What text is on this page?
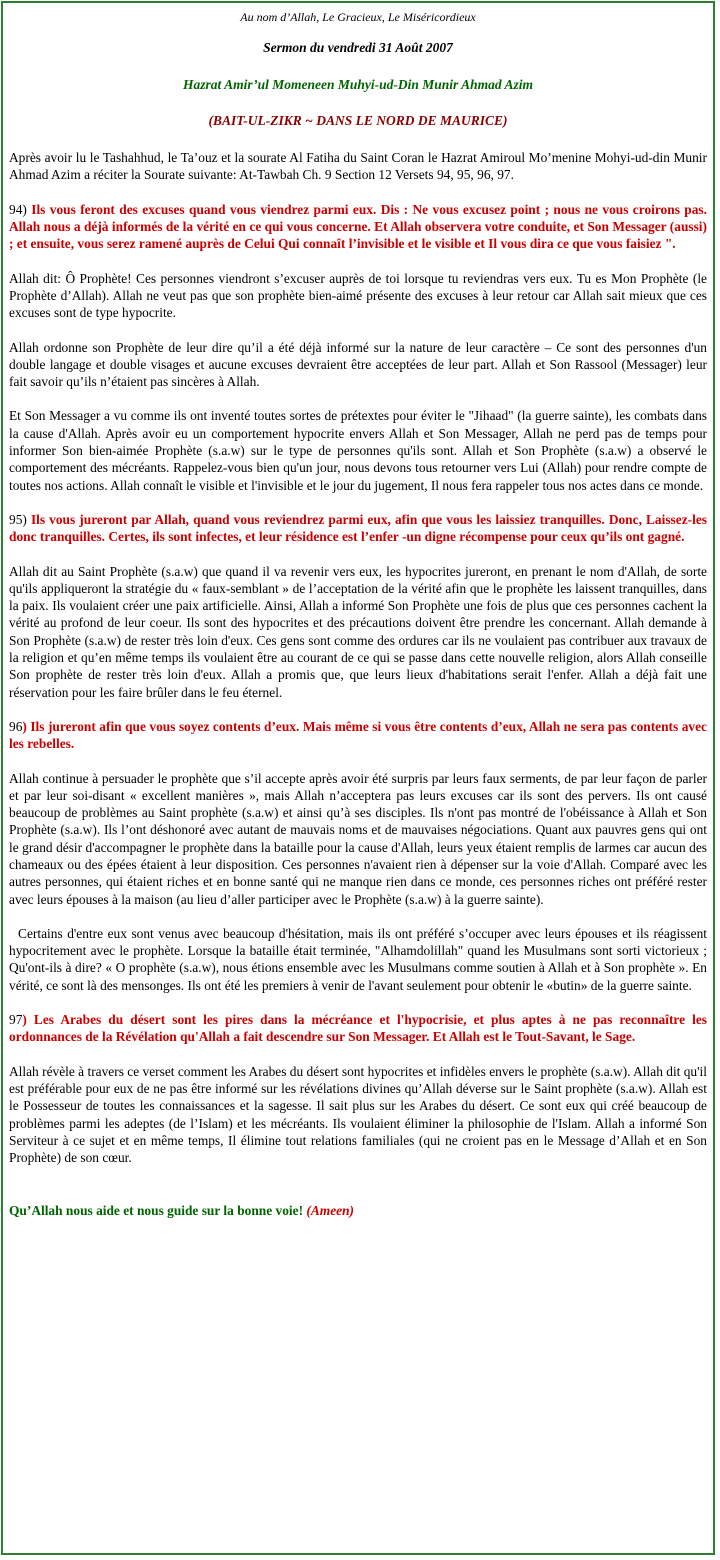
Au nom d’Allah, Le Gracieux, Le Miséricordieux

Sermon du vendredi 31 Août 2007

Hazrat Amir’ul Momeneen Muhyi-ud-Din Munir Ahmad Azim

(BAIT-UL-ZIKR ~ DANS LE NORD DE MAURICE)

Après avoir lu le Tashahhud, le Ta’ouz et la sourate Al Fatiha du Saint Coran le Hazrat Amiroul Mo’menine Mohyi-ud-din Munir Ahmad Azim a réciter la Sourate suivante: At-Tawbah Ch. 9 Section 12 Versets 94, 95, 96, 97.

94) Ils vous feront des excuses quand vous viendrez parmi eux. Dis : Ne vous excusez point ; nous ne vous croirons pas. Allah nous a déjà informés de la vérité en ce qui vous concerne. Et Allah observera votre conduite, et Son Messager (aussi) ; et ensuite, vous serez ramené auprès de Celui Qui connaît l’invisible et le visible et Il vous dira ce que vous faisiez ".

Allah dit: Ô Prophète! Ces personnes viendront s’excuser auprès de toi lorsque tu reviendras vers eux. Tu es Mon Prophète (le Prophète d’Allah). Allah ne veut pas que son prophète bien-aimé présente des excuses à leur retour car Allah sait mieux que ces excuses sont de type hypocrite.

Allah ordonne son Prophète de leur dire qu’il a été déjà informé sur la nature de leur caractère – Ce sont des personnes d'un double langage et double visages et aucune excuses devraient être acceptées de leur part. Allah et Son Rassool (Messager) leur fait savoir qu’ils n’étaient pas sincères à Allah.

Et Son Messager a vu comme ils ont inventé toutes sortes de prétextes pour éviter le "Jihaad" (la guerre sainte), les combats dans la cause d'Allah. Après avoir eu un comportement hypocrite envers Allah et Son Messager, Allah ne perd pas de temps pour informer Son bien-aimée Prophète (s.a.w) sur le type de personnes qu'ils sont. Allah et Son Prophète (s.a.w) a observé le comportement des mécréants. Rappelez-vous bien qu'un jour, nous devons tous retourner vers Lui (Allah) pour rendre compte de toutes nos actions. Allah connaît le visible et l'invisible et le jour du jugement, Il nous fera rappeler tous nos actes dans ce monde.

95) Ils vous jureront par Allah, quand vous reviendrez parmi eux, afin que vous les laissiez tranquilles. Donc, Laissez-les donc tranquilles. Certes, ils sont infectes, et leur résidence est l’enfer -un digne récompense pour ceux qu’ils ont gagné.

Allah dit au Saint Prophète (s.a.w) que quand il va revenir vers eux, les hypocrites jureront, en prenant le nom d'Allah, de sorte qu'ils appliqueront la stratégie du « faux-semblant » de l’acceptation de la vérité afin que le prophète les laissent tranquilles, dans la paix. Ils voulaient créer une paix artificielle. Ainsi, Allah a informé Son Prophète une fois de plus que ces personnes cachent la vérité au profond de leur coeur. Ils sont des hypocrites et des précautions doivent être prendre les concernant. Allah demande à Son Prophète (s.a.w) de rester très loin d'eux. Ces gens sont comme des ordures car ils ne voulaient pas contribuer aux travaux de la religion et qu’en même temps ils voulaient être au courant de ce qui se passe dans cette nouvelle religion, alors Allah conseille Son prophète de rester très loin d'eux. Allah a promis que, que leurs lieux d'habitations serait l'enfer. Allah a déjà fait une réservation pour les faire brûler dans le feu éternel.

96) Ils jureront afin que vous soyez contents d’eux. Mais même si vous être contents d’eux, Allah ne sera pas contents avec les rebelles.

Allah continue à persuader le prophète que s’il accepte après avoir été surpris par leurs faux serments, de par leur façon de parler et par leur soi-disant « excellent manières », mais Allah n’acceptera pas leurs excuses car ils sont des pervers. Ils ont causé beaucoup de problèmes au Saint prophète (s.a.w) et ainsi qu’à ses disciples. Ils n'ont pas montré de l'obéissance à Allah et Son Prophète (s.a.w). Ils l’ont déshonoré avec autant de mauvais noms et de mauvaises négociations. Quant aux pauvres gens qui ont le grand désir d'accompagner le prophète dans la bataille pour la cause d'Allah, leurs yeux étaient remplis de larmes car aucun des chameaux ou des épées étaient à leur disposition. Ces personnes n'avaient rien à dépenser sur la voie d'Allah. Comparé avec les autres personnes, qui étaient riches et en bonne santé qui ne manque rien dans ce monde, ces personnes riches ont préféré rester avec leurs épouses à la maison (au lieu d’aller participer avec le Prophète (s.a.w) à la guerre sainte).

Certains d'entre eux sont venus avec beaucoup d'hésitation, mais ils ont préféré s’occuper avec leurs épouses et ils réagissent hypocritement avec le prophète. Lorsque la bataille était terminée, "Alhamdolillah" quand les Musulmans sont sorti victorieux ; Qu'ont-ils à dire? « O prophète (s.a.w), nous étions ensemble avec les Musulmans comme soutien à Allah et à Son prophète ». En vérité, ce sont là des mensonges. Ils ont été les premiers à venir de l'avant seulement pour obtenir le «butin» de la guerre sainte.

97) Les Arabes du désert sont les pires dans la mécréance et l'hypocrisie, et plus aptes à ne pas reconnaître les ordonnances de la Révélation qu'Allah a fait descendre sur Son Messager. Et Allah est le Tout-Savant, le Sage.

Allah révèle à travers ce verset comment les Arabes du désert sont hypocrites et infidèles envers le prophète (s.a.w). Allah dit qu'il est préférable pour eux de ne pas être informé sur les révélations divines qu’Allah déverse sur le Saint prophète (s.a.w). Allah est le Possesseur de toutes les connaissances et la sagesse. Il sait plus sur les Arabes du désert. Ce sont eux qui créé beaucoup de problèmes parmi les adeptes (de l’Islam) et les mécréants. Ils voulaient éliminer la philosophie de l'Islam. Allah a informé Son Serviteur à ce sujet et en même temps, Il élimine tout relations familiales (qui ne croient pas en le Message d’Allah et en Son Prophète) de son cœur.

Qu’Allah nous aide et nous guide sur la bonne voie! (Ameen)
